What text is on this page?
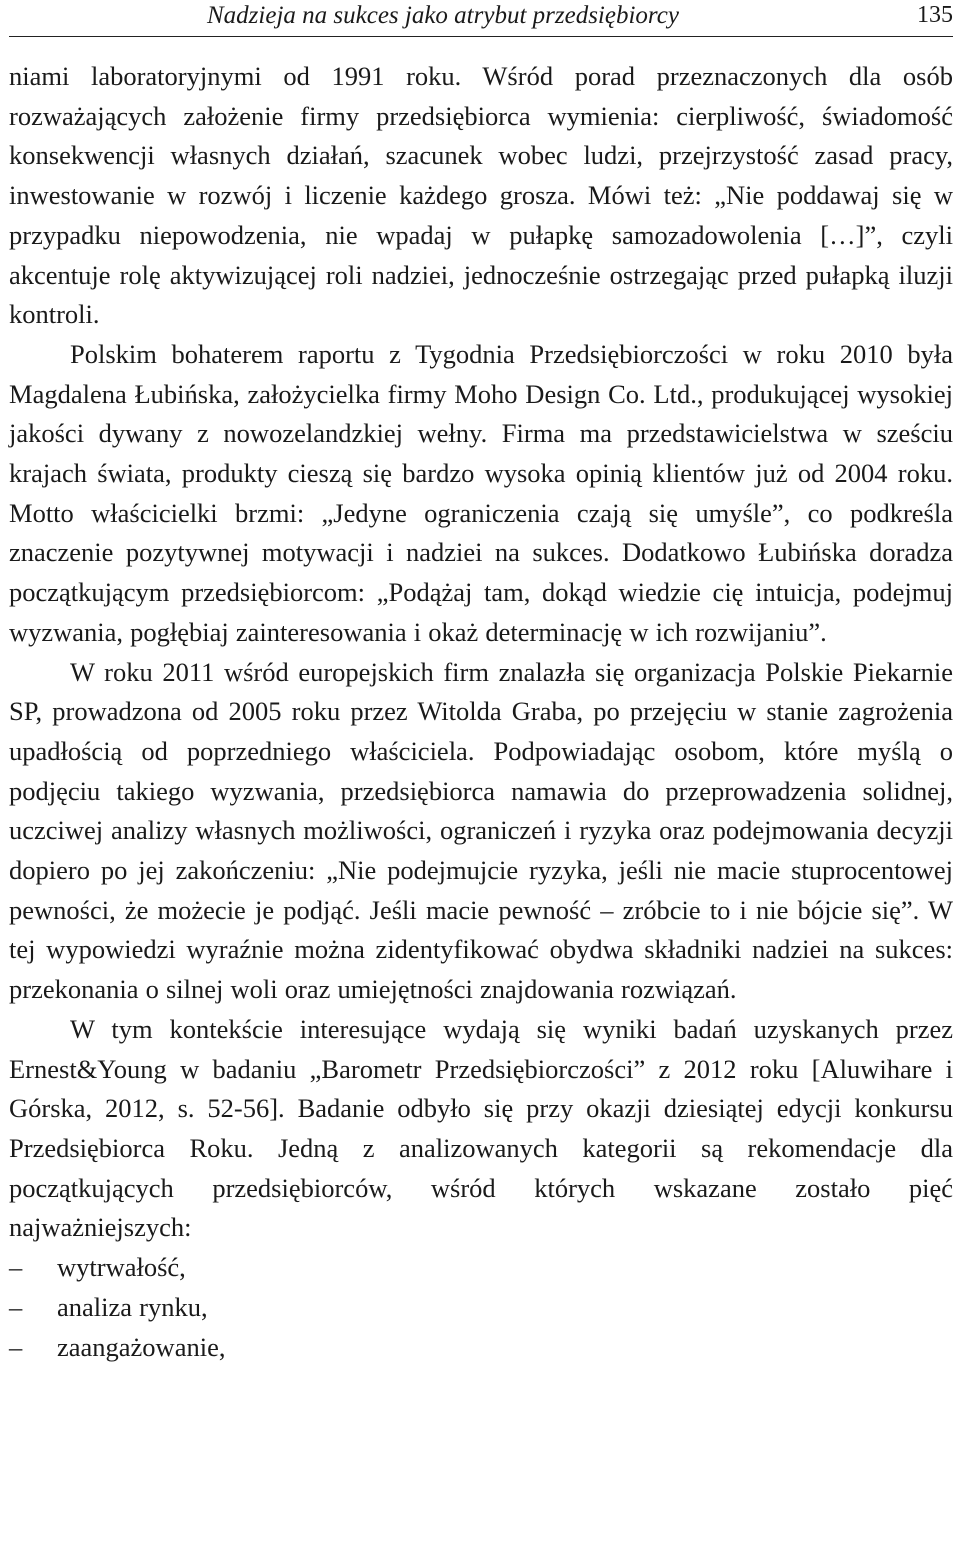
Nadzieja na sukces jako atrybut przedsiębiorcy	135

niami laboratoryjnymi od 1991 roku. Wśród porad przeznaczonych dla osób rozważających założenie firmy przedsiębiorca wymienia: cierpliwość, świadomość konsekwencji własnych działań, szacunek wobec ludzi, przejrzystość zasad pracy, inwestowanie w rozwój i liczenie każdego grosza. Mówi też: „Nie poddawaj się w przypadku niepowodzenia, nie wpadaj w pułapkę samozadowolenia […]”, czyli akcentuje rolę aktywizującej roli nadziei, jednocześnie ostrzegając przed pułapką iluzji kontroli.

Polskim bohaterem raportu z Tygodnia Przedsiębiorczości w roku 2010 była Magdalena Łubińska, założycielka firmy Moho Design Co. Ltd., produkującej wysokiej jakości dywany z nowozelandzkiej wełny. Firma ma przedstawicielstwa w sześciu krajach świata, produkty cieszą się bardzo wysoka opinią klientów już od 2004 roku. Motto właścicielki brzmi: „Jedyne ograniczenia czają się umyśle”, co podkreśla znaczenie pozytywnej motywacji i nadziei na sukces. Dodatkowo Łubińska doradza początkującym przedsiębiorcom: „Podążaj tam, dokąd wiedzie cię intuicja, podejmuj wyzwania, pogłębiaj zainteresowania i okaż determinację w ich rozwijaniu”.

W roku 2011 wśród europejskich firm znalazła się organizacja Polskie Piekarnie SP, prowadzona od 2005 roku przez Witolda Graba, po przejęciu w stanie zagrożenia upadłością od poprzedniego właściciela. Podpowiadając osobom, które myślą o podjęciu takiego wyzwania, przedsiębiorca namawia do przeprowadzenia solidnej, uczciwej analizy własnych możliwości, ograniczeń i ryzyka oraz podejmowania decyzji dopiero po jej zakończeniu: „Nie podejmujcie ryzyka, jeśli nie macie stuprocentowej pewności, że możecie je podjąć. Jeśli macie pewność – zróbcie to i nie bójcie się”. W tej wypowiedzi wyraźnie można zidentyfikować obydwa składniki nadziei na sukces: przekonania o silnej woli oraz umiejętności znajdowania rozwiązań.

W tym kontekście interesujące wydają się wyniki badań uzyskanych przez Ernest&Young w badaniu „Barometr Przedsiębiorczości” z 2012 roku [Aluwihare i Górska, 2012, s. 52-56]. Badanie odbyło się przy okazji dziesiątej edycji konkursu Przedsiębiorca Roku. Jedną z analizowanych kategorii są rekomendacje dla początkujących przedsiębiorców, wśród których wskazane zostało pięć najważniejszych:

– wytrwałość,
– analiza rynku,
– zaangażowanie,
